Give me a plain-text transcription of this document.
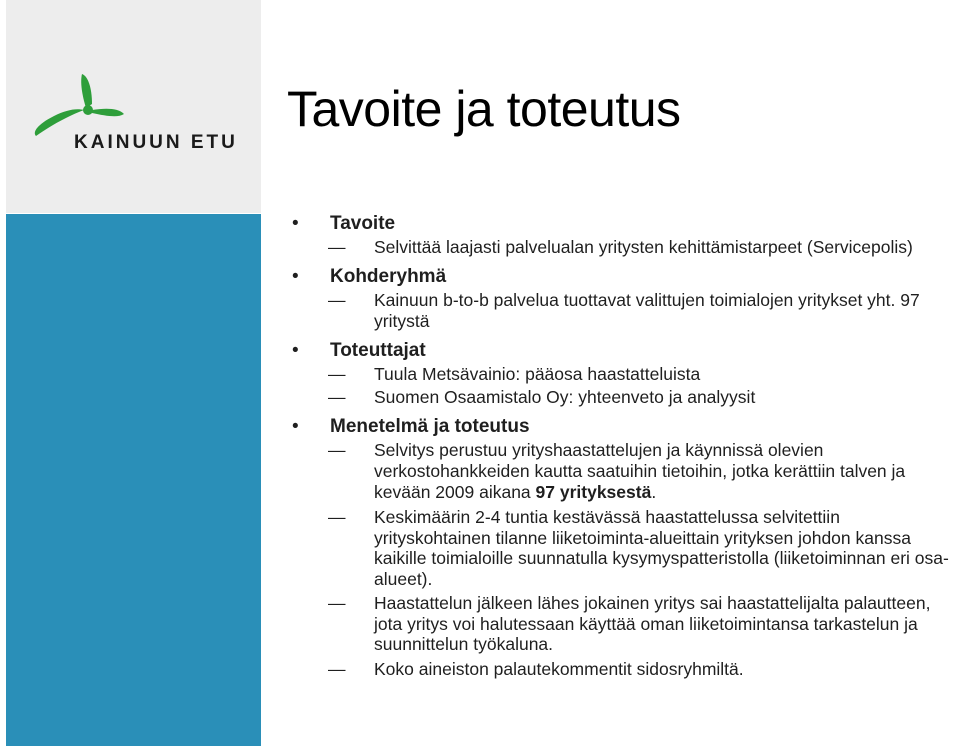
KAINUUN ETU
Tavoite ja toteutus
• Tavoite
— Selvittää laajasti palvelualan yritysten kehittämistarpeet (Servicepolis)
• Kohderyhmä
— Kainuun b-to-b palvelua tuottavat valittujen toimialojen yritykset yht. 97 yritystä
• Toteuttajat
— Tuula Metsävainio: pääosa haastatteluista
— Suomen Osaamistalo Oy: yhteenveto ja analyysit
• Menetelmä ja toteutus
— Selvitys perustuu yrityshaastattelujen ja käynnissä olevien verkostohankkeiden kautta saatuihin tietoihin, jotka kerättiin talven ja kevään 2009 aikana 97 yrityksestä.
— Keskimäärin 2-4 tuntia kestävässä haastattelussa selvitettiin yrityskohtainen tilanne liiketoiminta-alueittain yrityksen johdon kanssa kaikille toimialoille suunnatulla kysymyspatteristolla (liiketoiminnan eri osa-alueet).
— Haastattelun jälkeen lähes jokainen yritys sai haastattelijalta palautteen, jota yritys voi halutessaan käyttää oman liiketoimintansa tarkastelun ja suunnittelun työkaluna.
— Koko aineiston palautekommentit sidosryhmiltä.
